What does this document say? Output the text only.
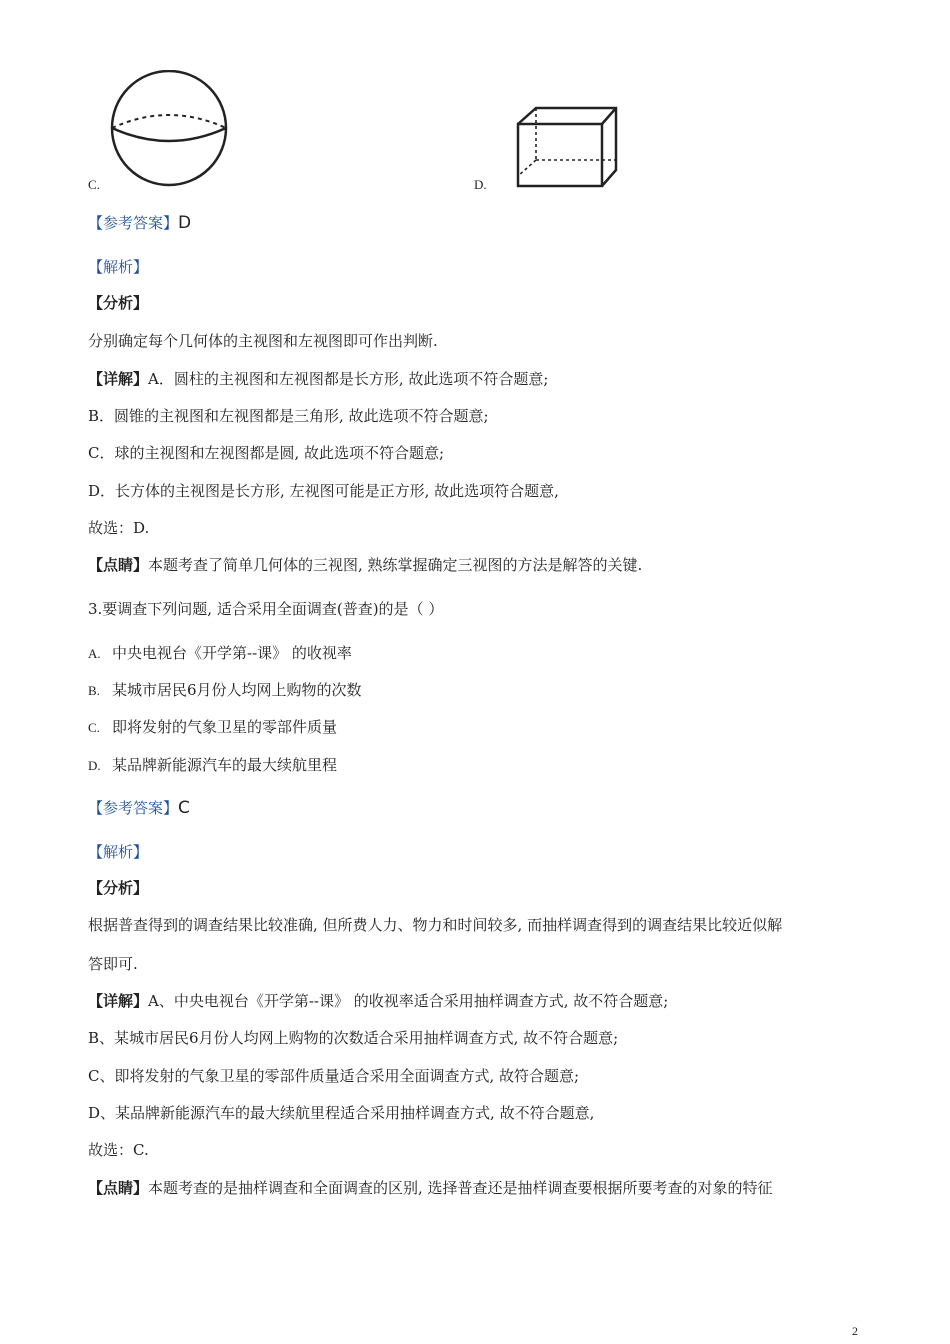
C.	D.
【参考答案】D
【解析】
【分析】
分别确定每个几何体的主视图和左视图即可作出判断.
【详解】A．圆柱的主视图和左视图都是长方形, 故此选项不符合题意;
B．圆锥的主视图和左视图都是三角形, 故此选项不符合题意;
C．球的主视图和左视图都是圆, 故此选项不符合题意;
D．长方体的主视图是长方形, 左视图可能是正方形, 故此选项符合题意,
故选：D.
【点睛】本题考查了简单几何体的三视图, 熟练掌握确定三视图的方法是解答的关键.
3.要调查下列问题, 适合采用全面调查(普查)的是（ ）
A. 中央电视台《开学第--课》 的收视率
B. 某城市居民6月份人均网上购物的次数
C. 即将发射的气象卫星的零部件质量
D. 某品牌新能源汽车的最大续航里程
【参考答案】C
【解析】
【分析】
根据普查得到的调查结果比较准确, 但所费人力、物力和时间较多, 而抽样调查得到的调查结果比较近似解
答即可.
【详解】A、中央电视台《开学第--课》 的收视率适合采用抽样调查方式, 故不符合题意;
B、某城市居民6月份人均网上购物的次数适合采用抽样调查方式, 故不符合题意;
C、即将发射的气象卫星的零部件质量适合采用全面调查方式, 故符合题意;
D、某品牌新能源汽车的最大续航里程适合采用抽样调查方式, 故不符合题意,
故选：C.
【点睛】本题考查的是抽样调查和全面调查的区别, 选择普查还是抽样调查要根据所要考查的对象的特征
2
